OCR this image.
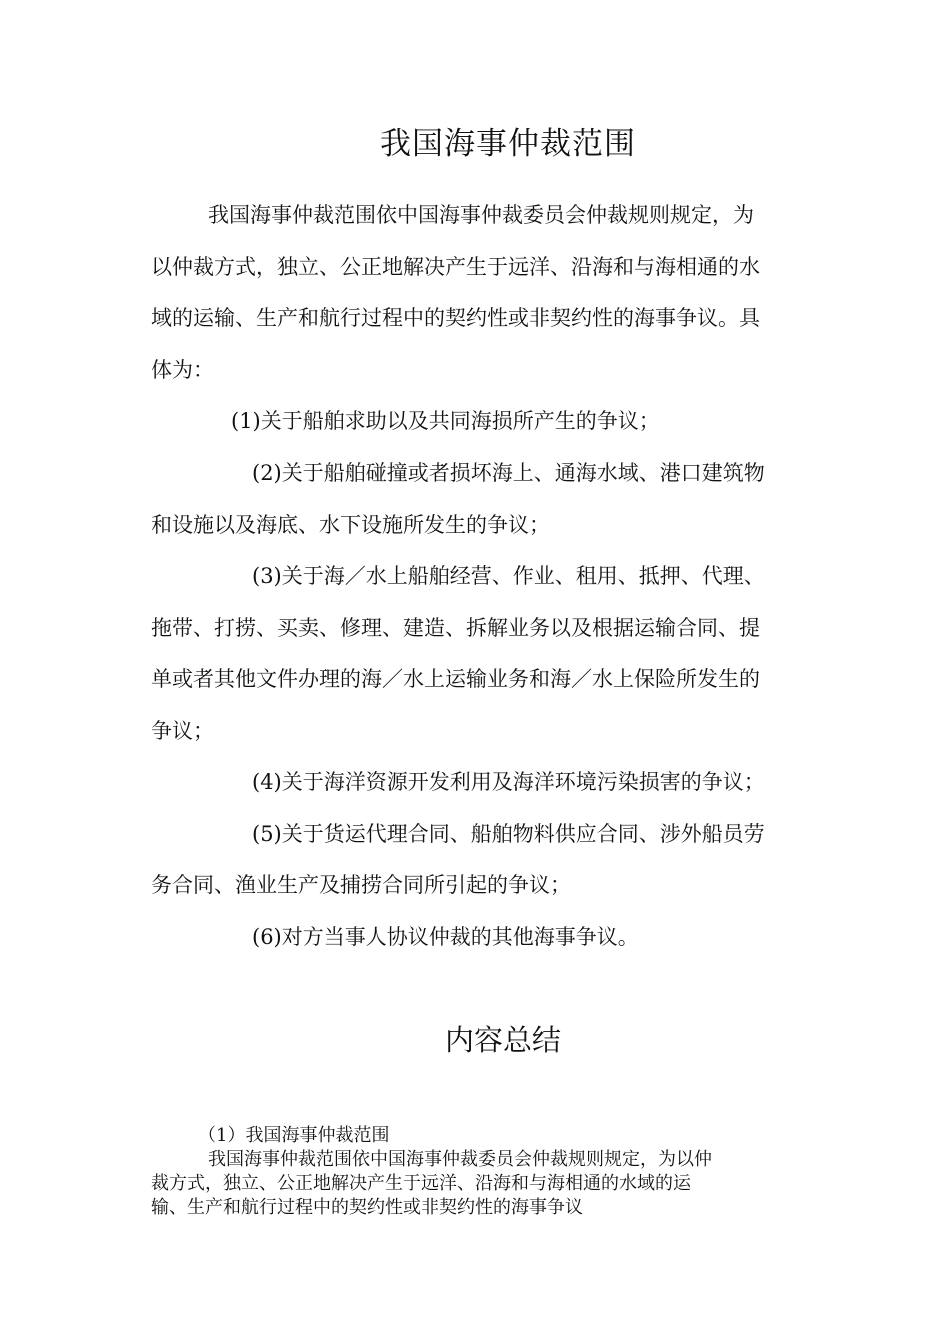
我国海事仲裁范围
我国海事仲裁范围依中国海事仲裁委员会仲裁规则规定，为
以仲裁方式，独立、公正地解决产生于远洋、沿海和与海相通的水
域的运输、生产和航行过程中的契约性或非契约性的海事争议。具
体为：
(1)关于船舶求助以及共同海损所产生的争议；
(2)关于船舶碰撞或者损坏海上、通海水域、港口建筑物
和设施以及海底、水下设施所发生的争议；
(3)关于海／水上船舶经营、作业、租用、抵押、代理、
拖带、打捞、买卖、修理、建造、拆解业务以及根据运输合同、提
单或者其他文件办理的海／水上运输业务和海／水上保险所发生的
争议；
(4)关于海洋资源开发利用及海洋环境污染损害的争议；
(5)关于货运代理合同、船舶物料供应合同、涉外船员劳
务合同、渔业生产及捕捞合同所引起的争议；
(6)对方当事人协议仲裁的其他海事争议。
内容总结
（1）我国海事仲裁范围
我国海事仲裁范围依中国海事仲裁委员会仲裁规则规定，为以仲
裁方式，独立、公正地解决产生于远洋、沿海和与海相通的水域的运
输、生产和航行过程中的契约性或非契约性的海事争议
